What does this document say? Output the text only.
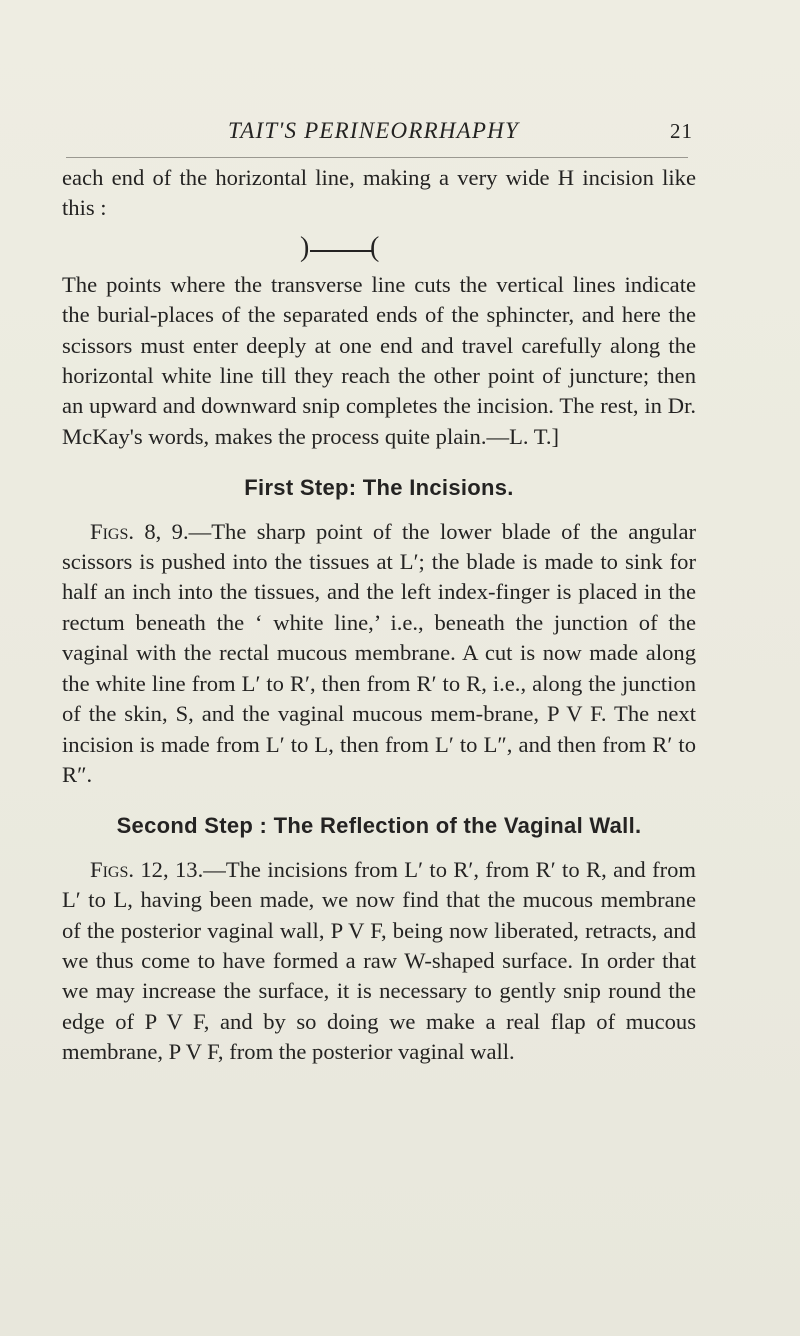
TAIT'S PERINEORRHAPHY	21

each end of the horizontal line, making a very wide H incision like this :

) (

The points where the transverse line cuts the vertical lines indicate the burial-places of the separated ends of the sphincter, and here the scissors must enter deeply at one end and travel carefully along the horizontal white line till they reach the other point of juncture; then an upward and downward snip completes the incision. The rest, in Dr. McKay's words, makes the process quite plain.—L. T.]

First Step: The Incisions.

Figs. 8, 9.—The sharp point of the lower blade of the angular scissors is pushed into the tissues at L′; the blade is made to sink for half an inch into the tissues, and the left index-finger is placed in the rectum beneath the ‘ white line,’ i.e., beneath the junction of the vaginal with the rectal mucous membrane. A cut is now made along the white line from L′ to R′, then from R′ to R, i.e., along the junction of the skin, S, and the vaginal mucous mem-brane, P V F. The next incision is made from L′ to L, then from L′ to L″, and then from R′ to R″.

Second Step : The Reflection of the Vaginal Wall.

Figs. 12, 13.—The incisions from L′ to R′, from R′ to R, and from L′ to L, having been made, we now find that the mucous membrane of the posterior vaginal wall, P V F, being now liberated, retracts, and we thus come to have formed a raw W-shaped surface. In order that we may increase the surface, it is necessary to gently snip round the edge of P V F, and by so doing we make a real flap of mucous membrane, P V F, from the posterior vaginal wall.
